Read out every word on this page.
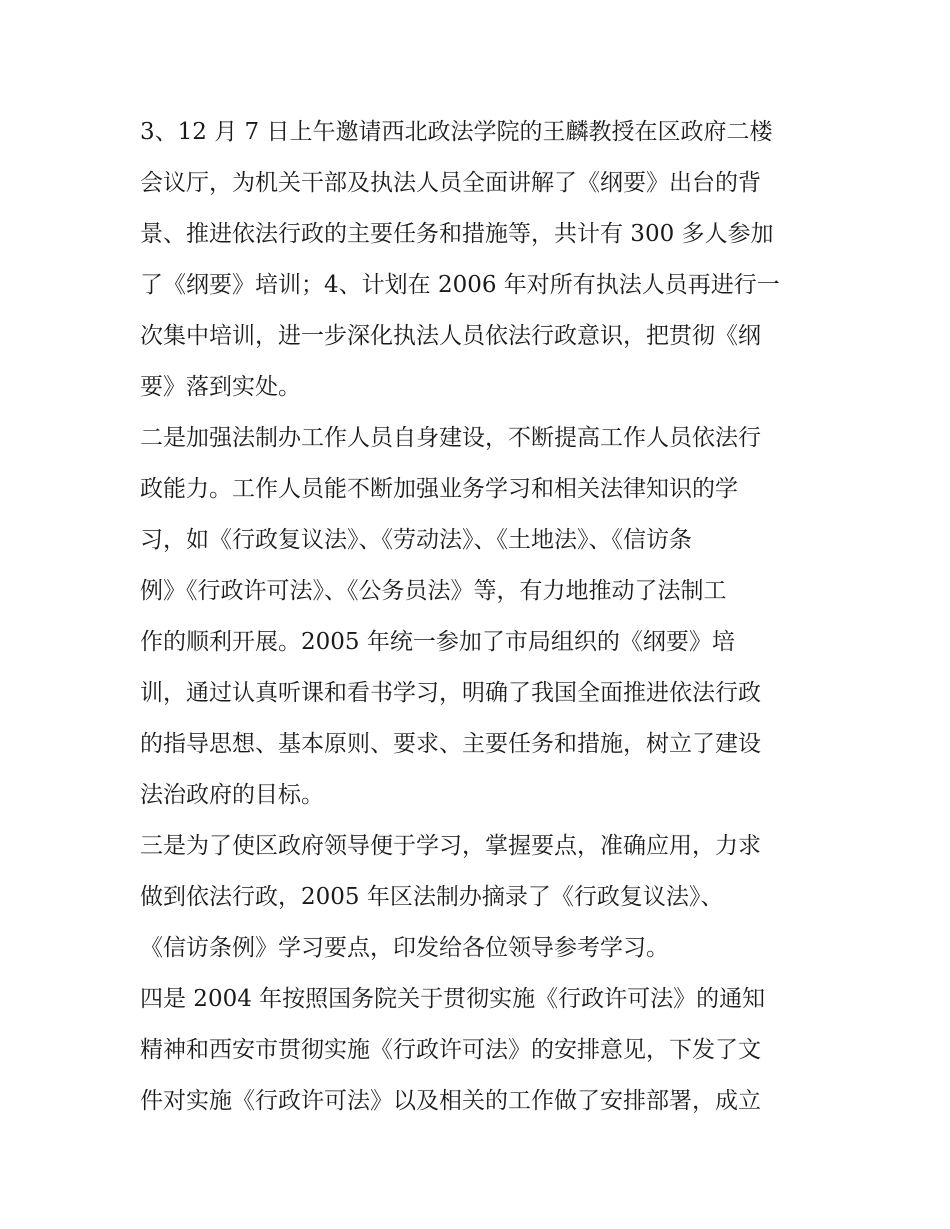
3、12 月 7 日上午邀请西北政法学院的王麟教授在区政府二楼
会议厅，为机关干部及执法人员全面讲解了《纲要》出台的背
景、推进依法行政的主要任务和措施等，共计有 300 多人参加
了《纲要》培训；4、计划在 2006 年对所有执法人员再进行一
次集中培训，进一步深化执法人员依法行政意识，把贯彻《纲
要》落到实处。
二是加强法制办工作人员自身建设，不断提高工作人员依法行
政能力。工作人员能不断加强业务学习和相关法律知识的学
习，如《行政复议法》、《劳动法》、《土地法》、《信访条
例》《行政许可法》、《公务员法》等，有力地推动了法制工
作的顺利开展。2005 年统一参加了市局组织的《纲要》培
训，通过认真听课和看书学习，明确了我国全面推进依法行政
的指导思想、基本原则、要求、主要任务和措施，树立了建设
法治政府的目标。
三是为了使区政府领导便于学习，掌握要点，准确应用，力求
做到依法行政，2005 年区法制办摘录了《行政复议法》、
《信访条例》学习要点，印发给各位领导参考学习。
四是 2004 年按照国务院关于贯彻实施《行政许可法》的通知
精神和西安市贯彻实施《行政许可法》的安排意见，下发了文
件对实施《行政许可法》以及相关的工作做了安排部署，成立
